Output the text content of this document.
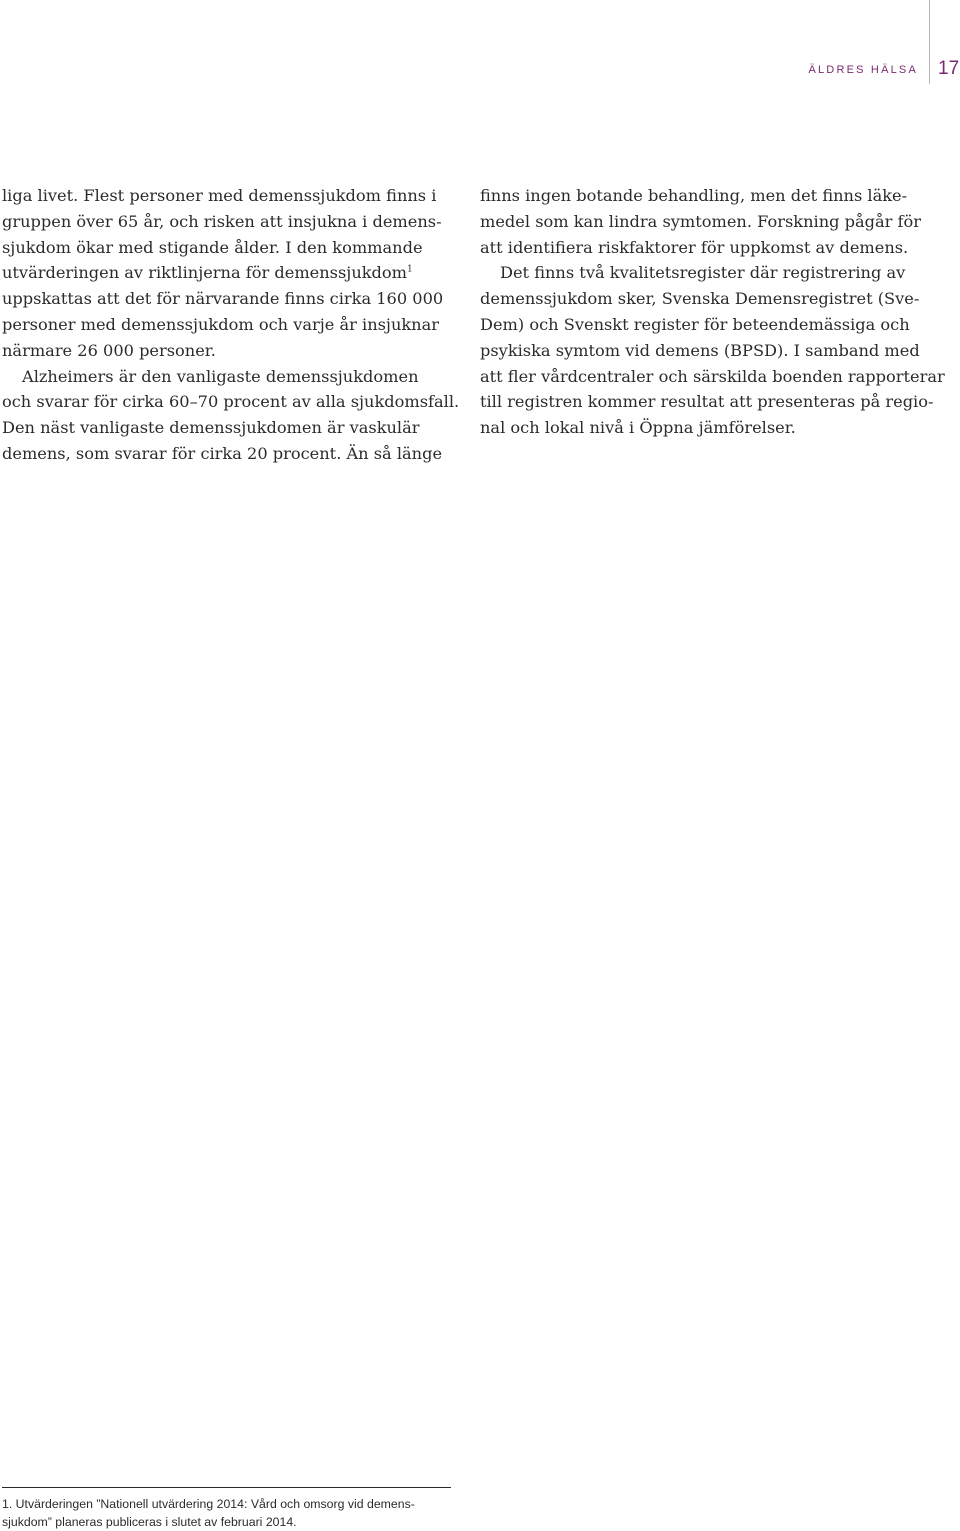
ÄLDRES HÄLSA 17

liga livet. Flest personer med demenssjukdom finns i
gruppen över 65 år, och risken att insjukna i demens-
sjukdom ökar med stigande ålder. I den kommande
utvärderingen av riktlinjerna för demenssjukdom$^1$
uppskattas att det för närvarande finns cirka 160 000
personer med demenssjukdom och varje år insjuknar
närmare 26 000 personer.

Alzheimers är den vanligaste demenssjukdomen
och svarar för cirka 60–70 procent av alla sjukdomsfall.
Den näst vanligaste demenssjukdomen är vaskulär
demens, som svarar för cirka 20 procent. Än så länge

finns ingen botande behandling, men det finns läke-
medel som kan lindra symtomen. Forskning pågår för
att identifiera riskfaktorer för uppkomst av demens.

Det finns två kvalitetsregister där registrering av
demenssjukdom sker, Svenska Demensregistret (Sve-
Dem) och Svenskt register för beteendemässiga och
psykiska symtom vid demens (BPSD). I samband med
att fler vårdcentraler och särskilda boenden rapporterar
till registren kommer resultat att presenteras på regio-
nal och lokal nivå i Öppna jämförelser.

1. Utvärderingen ”Nationell utvärdering 2014: Vård och omsorg vid demens-
sjukdom” planeras publiceras i slutet av februari 2014.
